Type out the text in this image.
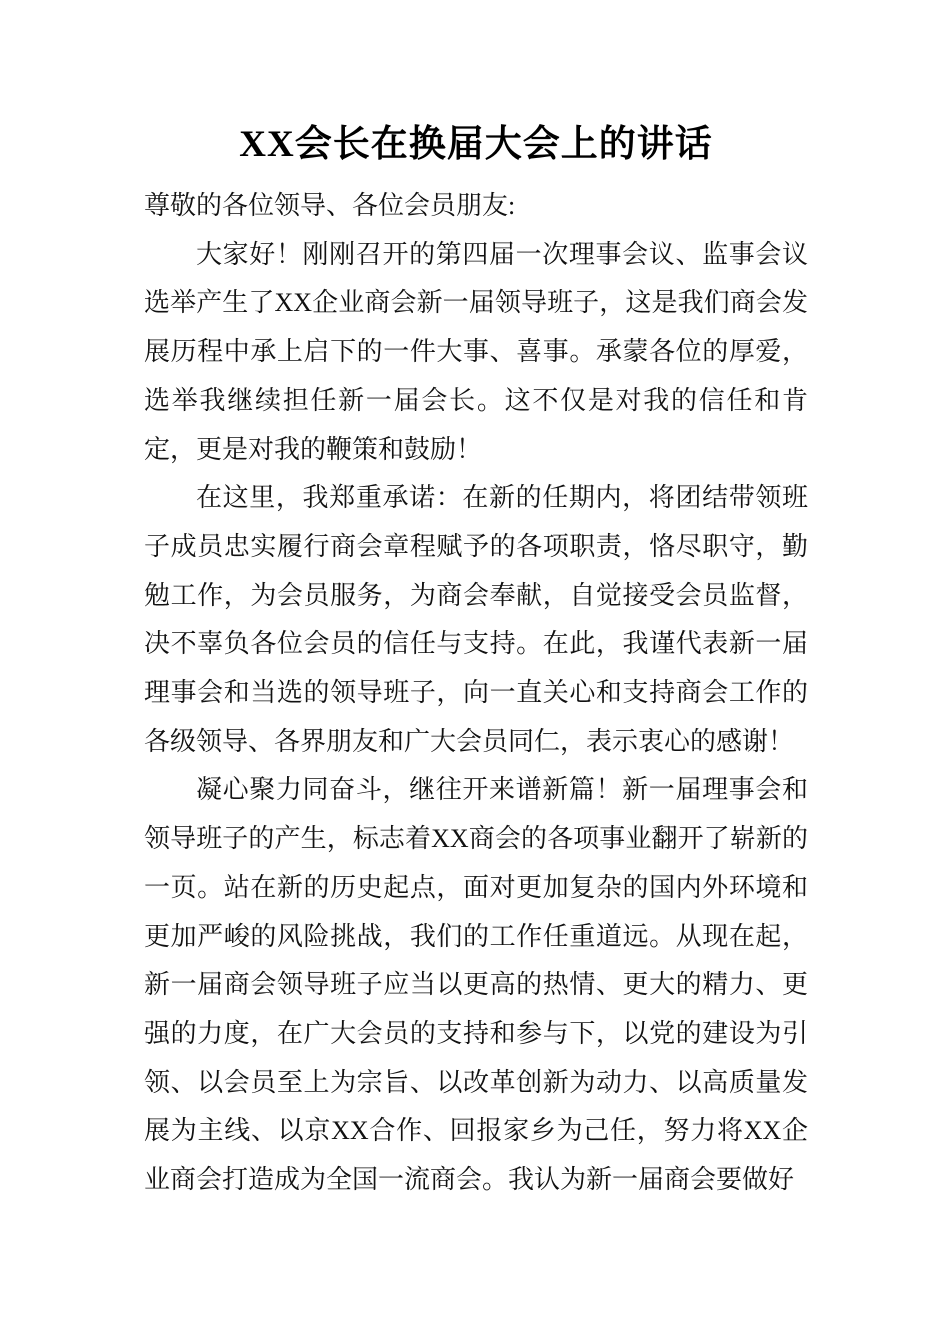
XX会长在换届大会上的讲话

尊敬的各位领导、各位会员朋友:

大家好！刚刚召开的第四届一次理事会议、监事会议选举产生了XX企业商会新一届领导班子，这是我们商会发展历程中承上启下的一件大事、喜事。承蒙各位的厚爱，选举我继续担任新一届会长。这不仅是对我的信任和肯定，更是对我的鞭策和鼓励！

在这里，我郑重承诺：在新的任期内，将团结带领班子成员忠实履行商会章程赋予的各项职责，恪尽职守，勤勉工作，为会员服务，为商会奉献，自觉接受会员监督，决不辜负各位会员的信任与支持。在此，我谨代表新一届理事会和当选的领导班子，向一直关心和支持商会工作的各级领导、各界朋友和广大会员同仁，表示衷心的感谢！

凝心聚力同奋斗，继往开来谱新篇！新一届理事会和领导班子的产生，标志着XX商会的各项事业翻开了崭新的一页。站在新的历史起点，面对更加复杂的国内外环境和更加严峻的风险挑战，我们的工作任重道远。从现在起，新一届商会领导班子应当以更高的热情、更大的精力、更强的力度，在广大会员的支持和参与下，以党的建设为引领、以会员至上为宗旨、以改革创新为动力、以高质量发展为主线、以京XX合作、回报家乡为己任，努力将XX企业商会打造成为全国一流商会。我认为新一届商会要做好
